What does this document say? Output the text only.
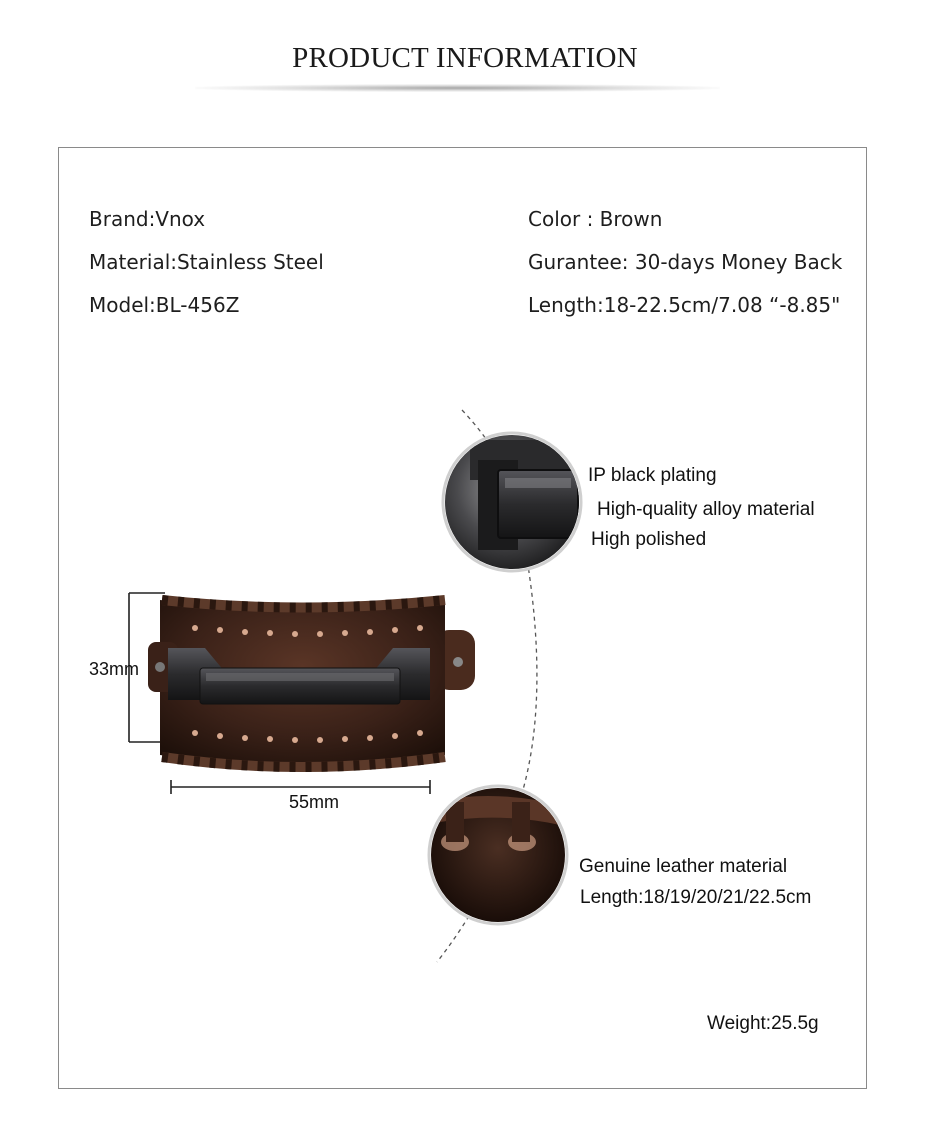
PRODUCT INFORMATION
Brand:Vnox
Material:Stainless Steel
Model:BL-456Z
Color : Brown
Gurantee: 30-days Money Back
Length:18-22.5cm/7.08 “-8.85"
33mm
55mm
IP black plating
High-quality alloy material
High polished
Genuine leather material
Length:18/19/20/21/22.5cm
Weight:25.5g
